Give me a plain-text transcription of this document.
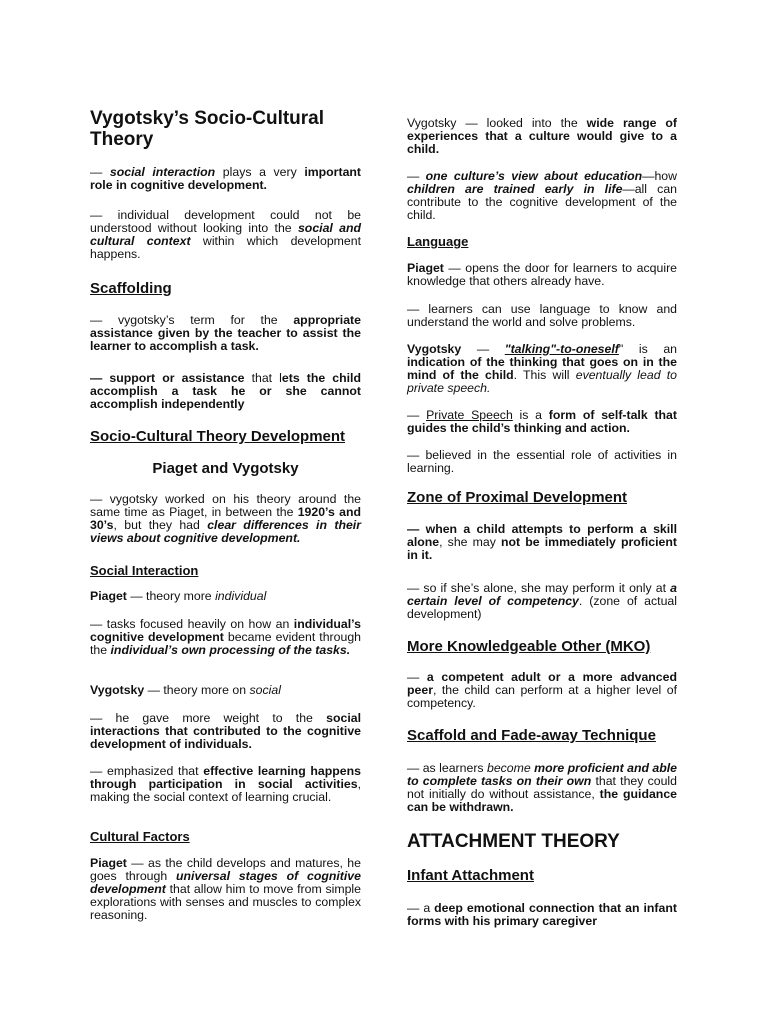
Vygotsky’s Socio-Cultural Theory

— social interaction plays a very important role in cognitive development.

— individual development could not be understood without looking into the social and cultural context within which development happens.

Scaffolding

— vygotsky’s term for the appropriate assistance given by the teacher to assist the learner to accomplish a task.

— support or assistance that lets the child accomplish a task he or she cannot accomplish independently

Socio-Cultural Theory Development
Piaget and Vygotsky

— vygotsky worked on his theory around the same time as Piaget, in between the 1920’s and 30’s, but they had clear differences in their views about cognitive development.

Social Interaction

Piaget — theory more individual

— tasks focused heavily on how an individual’s cognitive development became evident through the individual’s own processing of the tasks.

Vygotsky — theory more on social

— he gave more weight to the social interactions that contributed to the cognitive development of individuals.

— emphasized that effective learning happens through participation in social activities, making the social context of learning crucial.

Cultural Factors

Piaget — as the child develops and matures, he goes through universal stages of cognitive development that allow him to move from simple explorations with senses and muscles to complex reasoning.

Vygotsky — looked into the wide range of experiences that a culture would give to a child.

— one culture’s view about education—how children are trained early in life—all can contribute to the cognitive development of the child.

Language

Piaget — opens the door for learners to acquire knowledge that others already have.

— learners can use language to know and understand the world and solve problems.

Vygotsky — "talking"-to-oneself" is an indication of the thinking that goes on in the mind of the child. This will eventually lead to private speech.

— Private Speech is a form of self-talk that guides the child’s thinking and action.

— believed in the essential role of activities in learning.

Zone of Proximal Development

— when a child attempts to perform a skill alone, she may not be immediately proficient in it.

— so if she’s alone, she may perform it only at a certain level of competency. (zone of actual development)

More Knowledgeable Other (MKO)

— a competent adult or a more advanced peer, the child can perform at a higher level of competency.

Scaffold and Fade-away Technique

— as learners become more proficient and able to complete tasks on their own that they could not initially do without assistance, the guidance can be withdrawn.

ATTACHMENT THEORY
Infant Attachment

— a deep emotional connection that an infant forms with his primary caregiver
